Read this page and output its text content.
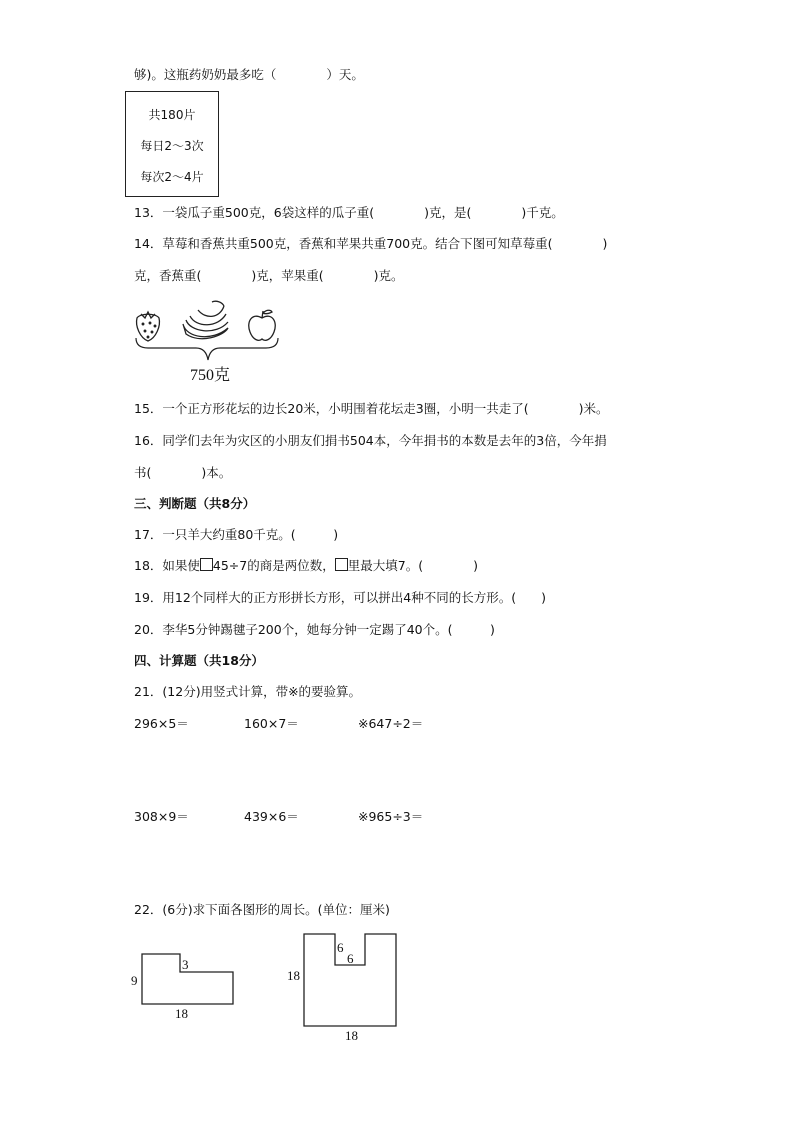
够)。这瓶药奶奶最多吃（　　　　）天。
共180片
每日2～3次
每次2～4片
13．一袋瓜子重500克，6袋这样的瓜子重(　　　　)克，是(　　　　)千克。
14．草莓和香蕉共重500克，香蕉和苹果共重700克。结合下图可知草莓重(　　　　)
克，香蕉重(　　　　)克，苹果重(　　　　)克。
750克
15．一个正方形花坛的边长20米，小明围着花坛走3圈，小明一共走了(　　　　)米。
16．同学们去年为灾区的小朋友们捐书504本，今年捐书的本数是去年的3倍，今年捐
书(　　　　)本。
三、判断题（共8分）
17．一只羊大约重80千克。(　　　)
18．如果使 45÷7的商是两位数， 里最大填7。(　　　　)
19．用12个同样大的正方形拼长方形，可以拼出4种不同的长方形。(　　)
20．李华5分钟踢毽子200个，她每分钟一定踢了40个。(　　　)
四、计算题（共18分）
21．(12分)用竖式计算，带※的要验算。
296×5＝	160×7＝	※647÷2＝
308×9＝	439×6＝	※965÷3＝
22．(6分)求下面各图形的周长。(单位：厘米)
9
3
18
6
6
18
18
